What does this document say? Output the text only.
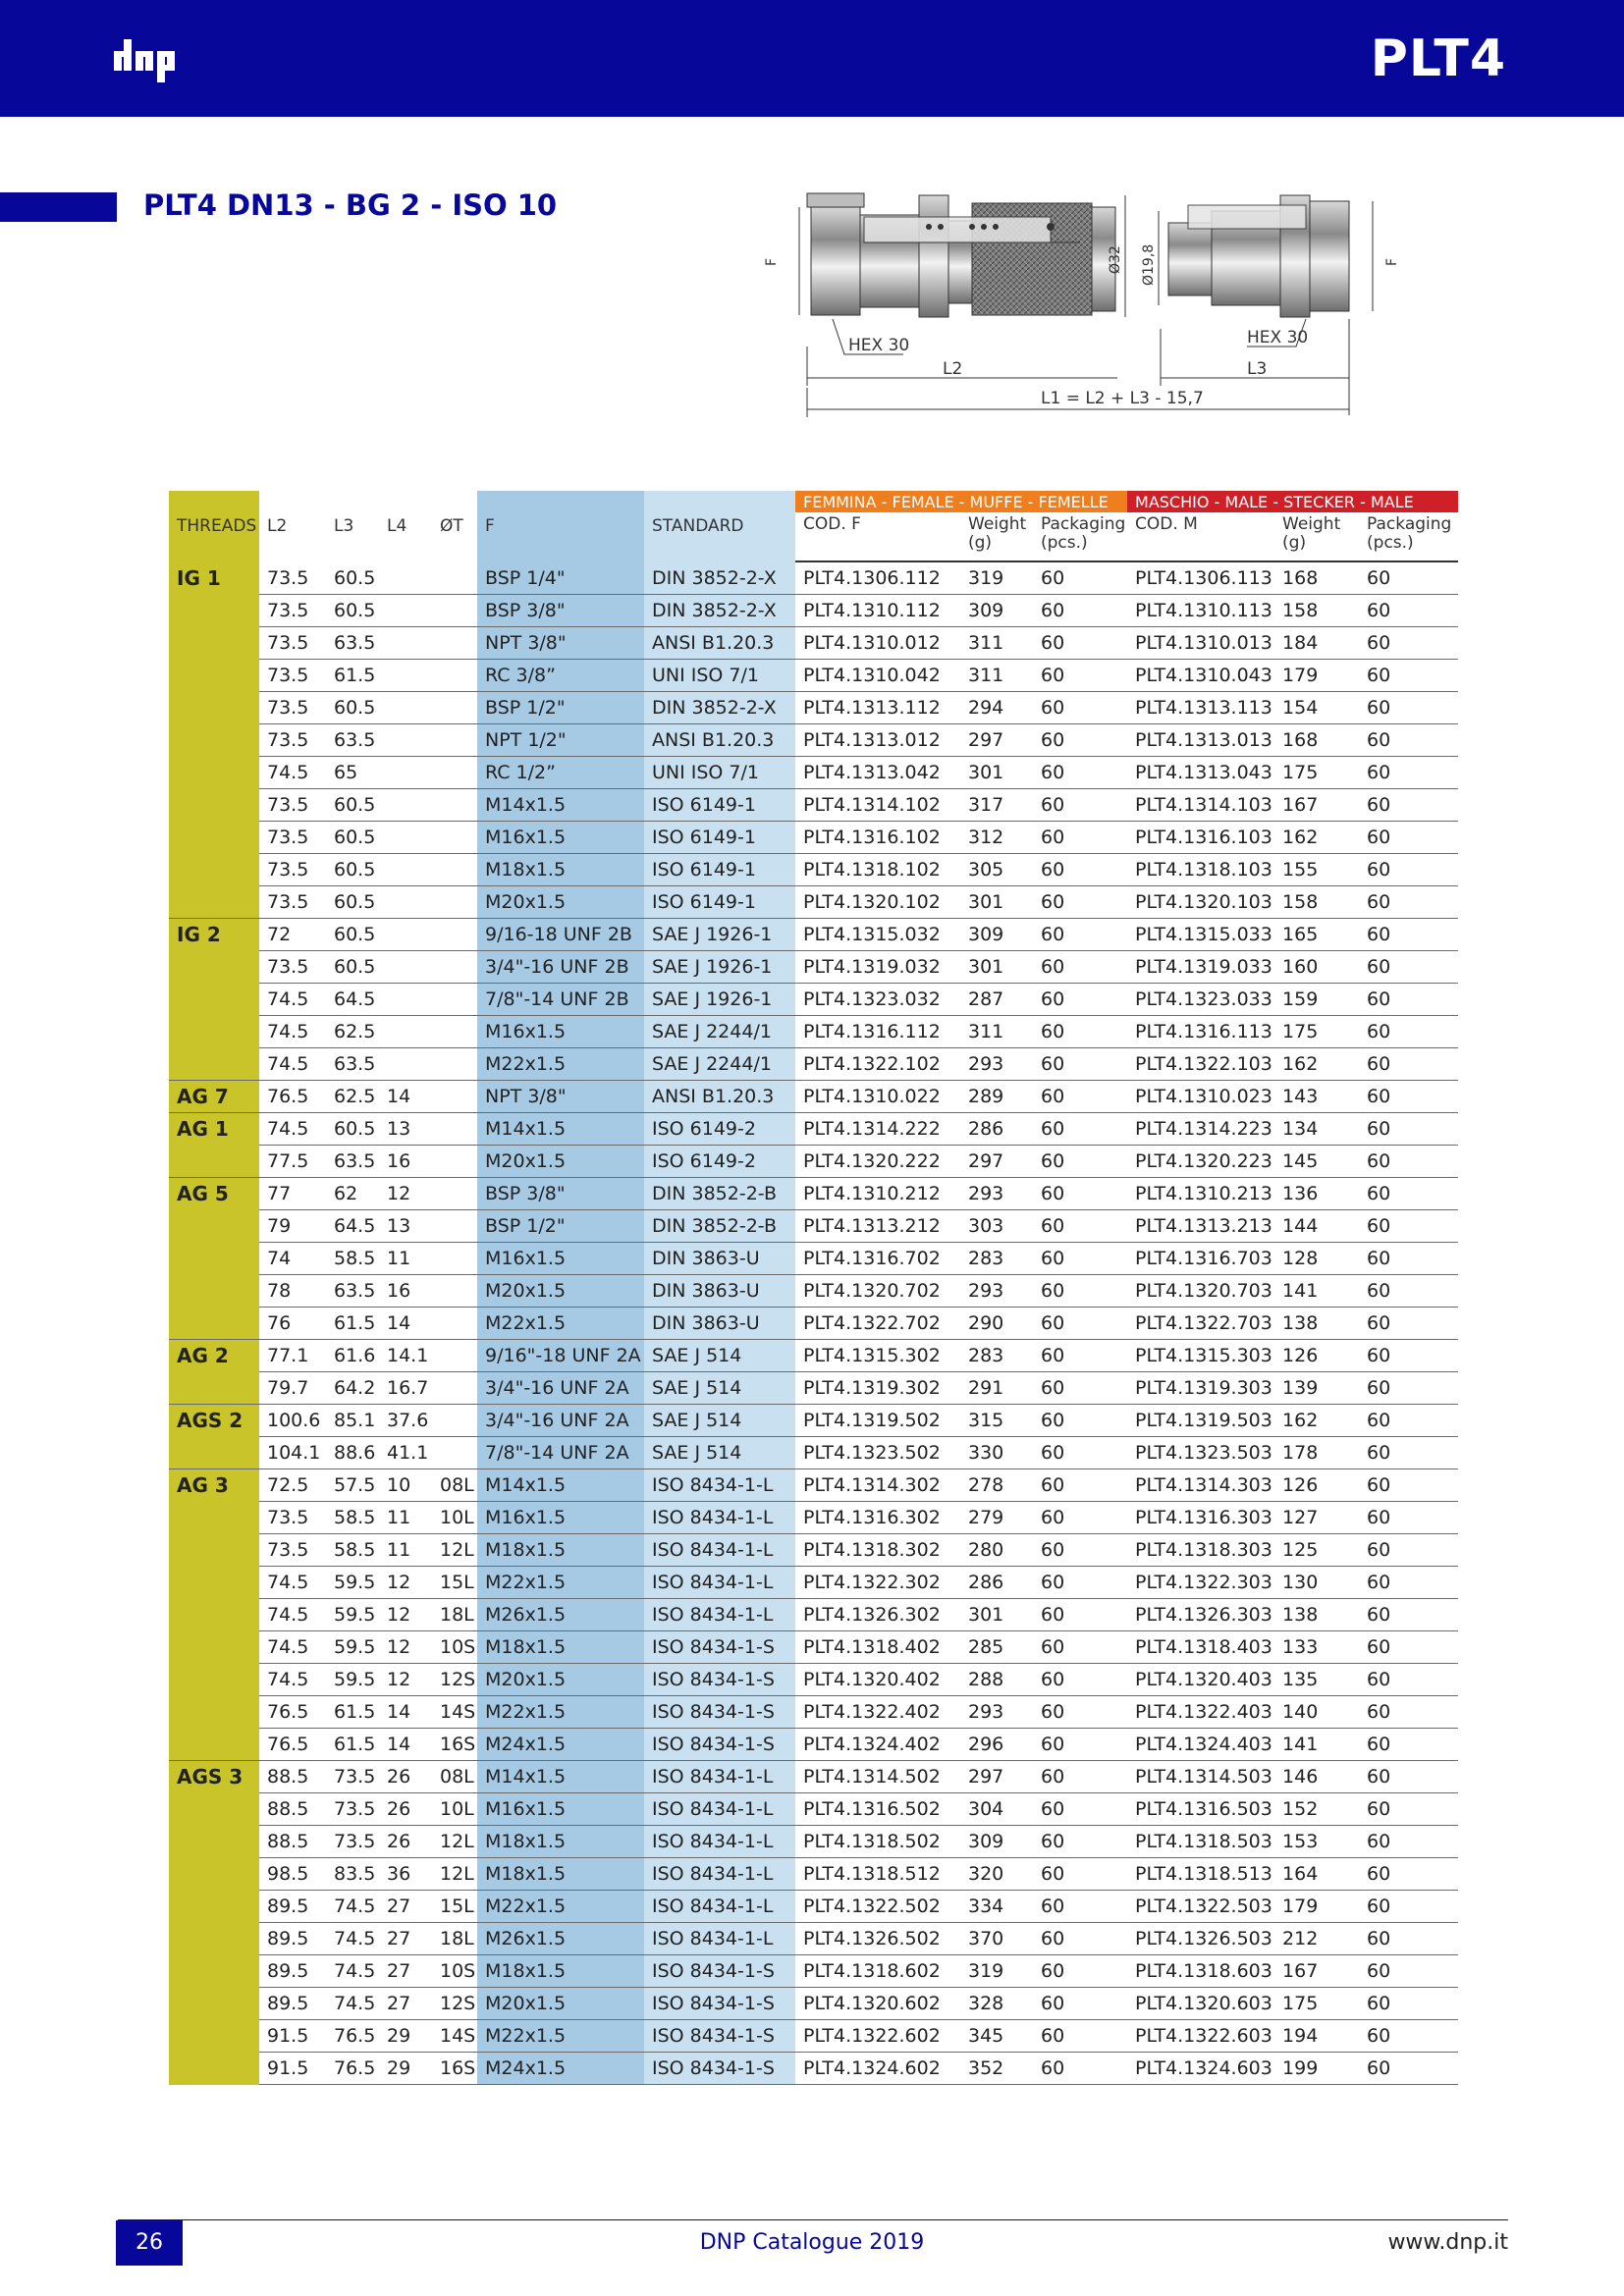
PLT4
PLT4 DN13 - BG 2 - ISO 10
F	Ø32 Ø19,8	F
HEX 30	HEX 30
L2	L3
L1 = L2 + L3 - 15,7
THREADS	L2	L3	L4	ØT	F	STANDARD	FEMMINA - FEMALE - MUFFE - FEMELLE			MASCHIO - MALE - STECKER - MALE		
							COD. F	Weight (g)	Packaging (pcs.)	COD. M	Weight (g)	Packaging (pcs.)
IG 1	73.5	60.5			BSP 1/4"	DIN 3852-2-X	PLT4.1306.112	319	60	PLT4.1306.113	168	60
	73.5	60.5			BSP 3/8"	DIN 3852-2-X	PLT4.1310.112	309	60	PLT4.1310.113	158	60
	73.5	63.5			NPT 3/8"	ANSI B1.20.3	PLT4.1310.012	311	60	PLT4.1310.013	184	60
	73.5	61.5			RC 3/8”	UNI ISO 7/1	PLT4.1310.042	311	60	PLT4.1310.043	179	60
	73.5	60.5			BSP 1/2"	DIN 3852-2-X	PLT4.1313.112	294	60	PLT4.1313.113	154	60
	73.5	63.5			NPT 1/2"	ANSI B1.20.3	PLT4.1313.012	297	60	PLT4.1313.013	168	60
	74.5	65			RC 1/2”	UNI ISO 7/1	PLT4.1313.042	301	60	PLT4.1313.043	175	60
	73.5	60.5			M14x1.5	ISO 6149-1	PLT4.1314.102	317	60	PLT4.1314.103	167	60
	73.5	60.5			M16x1.5	ISO 6149-1	PLT4.1316.102	312	60	PLT4.1316.103	162	60
	73.5	60.5			M18x1.5	ISO 6149-1	PLT4.1318.102	305	60	PLT4.1318.103	155	60
	73.5	60.5			M20x1.5	ISO 6149-1	PLT4.1320.102	301	60	PLT4.1320.103	158	60
IG 2	72	60.5			9/16-18 UNF 2B	SAE J 1926-1	PLT4.1315.032	309	60	PLT4.1315.033	165	60
	73.5	60.5			3/4"-16 UNF 2B	SAE J 1926-1	PLT4.1319.032	301	60	PLT4.1319.033	160	60
	74.5	64.5			7/8"-14 UNF 2B	SAE J 1926-1	PLT4.1323.032	287	60	PLT4.1323.033	159	60
	74.5	62.5			M16x1.5	SAE J 2244/1	PLT4.1316.112	311	60	PLT4.1316.113	175	60
	74.5	63.5			M22x1.5	SAE J 2244/1	PLT4.1322.102	293	60	PLT4.1322.103	162	60
AG 7	76.5	62.5	14		NPT 3/8"	ANSI B1.20.3	PLT4.1310.022	289	60	PLT4.1310.023	143	60
AG 1	74.5	60.5	13		M14x1.5	ISO 6149-2	PLT4.1314.222	286	60	PLT4.1314.223	134	60
	77.5	63.5	16		M20x1.5	ISO 6149-2	PLT4.1320.222	297	60	PLT4.1320.223	145	60
AG 5	77	62	12		BSP 3/8"	DIN 3852-2-B	PLT4.1310.212	293	60	PLT4.1310.213	136	60
	79	64.5	13		BSP 1/2"	DIN 3852-2-B	PLT4.1313.212	303	60	PLT4.1313.213	144	60
	74	58.5	11		M16x1.5	DIN 3863-U	PLT4.1316.702	283	60	PLT4.1316.703	128	60
	78	63.5	16		M20x1.5	DIN 3863-U	PLT4.1320.702	293	60	PLT4.1320.703	141	60
	76	61.5	14		M22x1.5	DIN 3863-U	PLT4.1322.702	290	60	PLT4.1322.703	138	60
AG 2	77.1	61.6	14.1		9/16"-18 UNF 2A	SAE J 514	PLT4.1315.302	283	60	PLT4.1315.303	126	60
	79.7	64.2	16.7		3/4"-16 UNF 2A	SAE J 514	PLT4.1319.302	291	60	PLT4.1319.303	139	60
AGS 2	100.6	85.1	37.6		3/4"-16 UNF 2A	SAE J 514	PLT4.1319.502	315	60	PLT4.1319.503	162	60
	104.1	88.6	41.1		7/8"-14 UNF 2A	SAE J 514	PLT4.1323.502	330	60	PLT4.1323.503	178	60
AG 3	72.5	57.5	10	08L	M14x1.5	ISO 8434-1-L	PLT4.1314.302	278	60	PLT4.1314.303	126	60
	73.5	58.5	11	10L	M16x1.5	ISO 8434-1-L	PLT4.1316.302	279	60	PLT4.1316.303	127	60
	73.5	58.5	11	12L	M18x1.5	ISO 8434-1-L	PLT4.1318.302	280	60	PLT4.1318.303	125	60
	74.5	59.5	12	15L	M22x1.5	ISO 8434-1-L	PLT4.1322.302	286	60	PLT4.1322.303	130	60
	74.5	59.5	12	18L	M26x1.5	ISO 8434-1-L	PLT4.1326.302	301	60	PLT4.1326.303	138	60
	74.5	59.5	12	10S	M18x1.5	ISO 8434-1-S	PLT4.1318.402	285	60	PLT4.1318.403	133	60
	74.5	59.5	12	12S	M20x1.5	ISO 8434-1-S	PLT4.1320.402	288	60	PLT4.1320.403	135	60
	76.5	61.5	14	14S	M22x1.5	ISO 8434-1-S	PLT4.1322.402	293	60	PLT4.1322.403	140	60
	76.5	61.5	14	16S	M24x1.5	ISO 8434-1-S	PLT4.1324.402	296	60	PLT4.1324.403	141	60
AGS 3	88.5	73.5	26	08L	M14x1.5	ISO 8434-1-L	PLT4.1314.502	297	60	PLT4.1314.503	146	60
	88.5	73.5	26	10L	M16x1.5	ISO 8434-1-L	PLT4.1316.502	304	60	PLT4.1316.503	152	60
	88.5	73.5	26	12L	M18x1.5	ISO 8434-1-L	PLT4.1318.502	309	60	PLT4.1318.503	153	60
	98.5	83.5	36	12L	M18x1.5	ISO 8434-1-L	PLT4.1318.512	320	60	PLT4.1318.513	164	60
	89.5	74.5	27	15L	M22x1.5	ISO 8434-1-L	PLT4.1322.502	334	60	PLT4.1322.503	179	60
	89.5	74.5	27	18L	M26x1.5	ISO 8434-1-L	PLT4.1326.502	370	60	PLT4.1326.503	212	60
	89.5	74.5	27	10S	M18x1.5	ISO 8434-1-S	PLT4.1318.602	319	60	PLT4.1318.603	167	60
	89.5	74.5	27	12S	M20x1.5	ISO 8434-1-S	PLT4.1320.602	328	60	PLT4.1320.603	175	60
	91.5	76.5	29	14S	M22x1.5	ISO 8434-1-S	PLT4.1322.602	345	60	PLT4.1322.603	194	60
	91.5	76.5	29	16S	M24x1.5	ISO 8434-1-S	PLT4.1324.602	352	60	PLT4.1324.603	199	60
26	DNP Catalogue 2019	www.dnp.it
